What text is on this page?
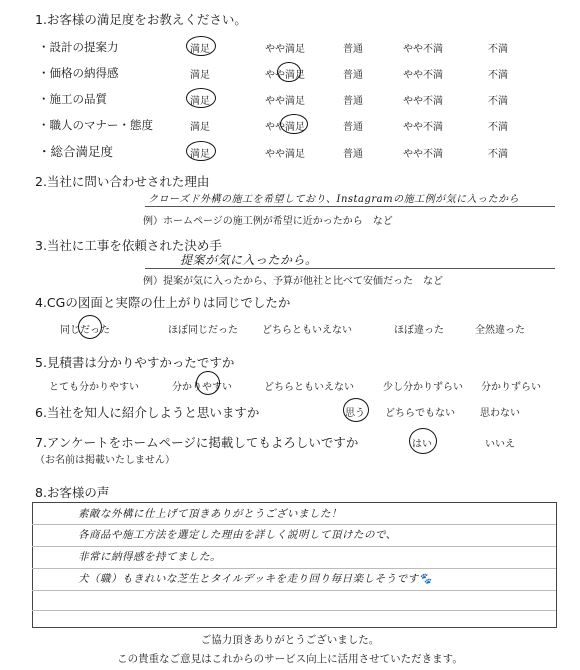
1.お客様の満足度をお教えください。
・設計の提案力	満足	やや満足	普通	やや不満	不満
・価格の納得感	満足	やや満足	普通	やや不満	不満
・施工の品質	満足	やや満足	普通	やや不満	不満
・職人のマナー・態度	満足	やや満足	普通	やや不満	不満
・総合満足度	満足	やや満足	普通	やや不満	不満
2.当社に問い合わせされた理由
クローズド外構の施工を希望しており、Instagramの施工例が気に入ったから
例）ホームページの施工例が希望に近かったから　など
3.当社に工事を依頼された決め手
提案が気に入ったから。
例）提案が気に入ったから、予算が他社と比べて安価だった　など
4.CGの図面と実際の仕上がりは同じでしたか
同じだった	ほぼ同じだった	どちらともいえない	ほぼ違った	全然違った
5.見積書は分かりやすかったですか
とても分かりやすい	分かりやすい	どちらともいえない	少し分かりずらい	分かりずらい
6.当社を知人に紹介しようと思いますか	思う	どちらでもない	思わない
7.アンケートをホームページに掲載してもよろしいですか
（お名前は掲載いたしません）
はい	いいえ
8.お客様の声
素敵な外構に仕上げて頂きありがとうございました！
各商品や施工方法を選定した理由を詳しく説明して頂けたので、
非常に納得感を持てました。
犬（職）もきれいな芝生とタイルデッキを走り回り毎日楽しそうです🐾
ご協力頂きありがとうございました。
この貴重なご意見はこれからのサービス向上に活用させていただきます。
